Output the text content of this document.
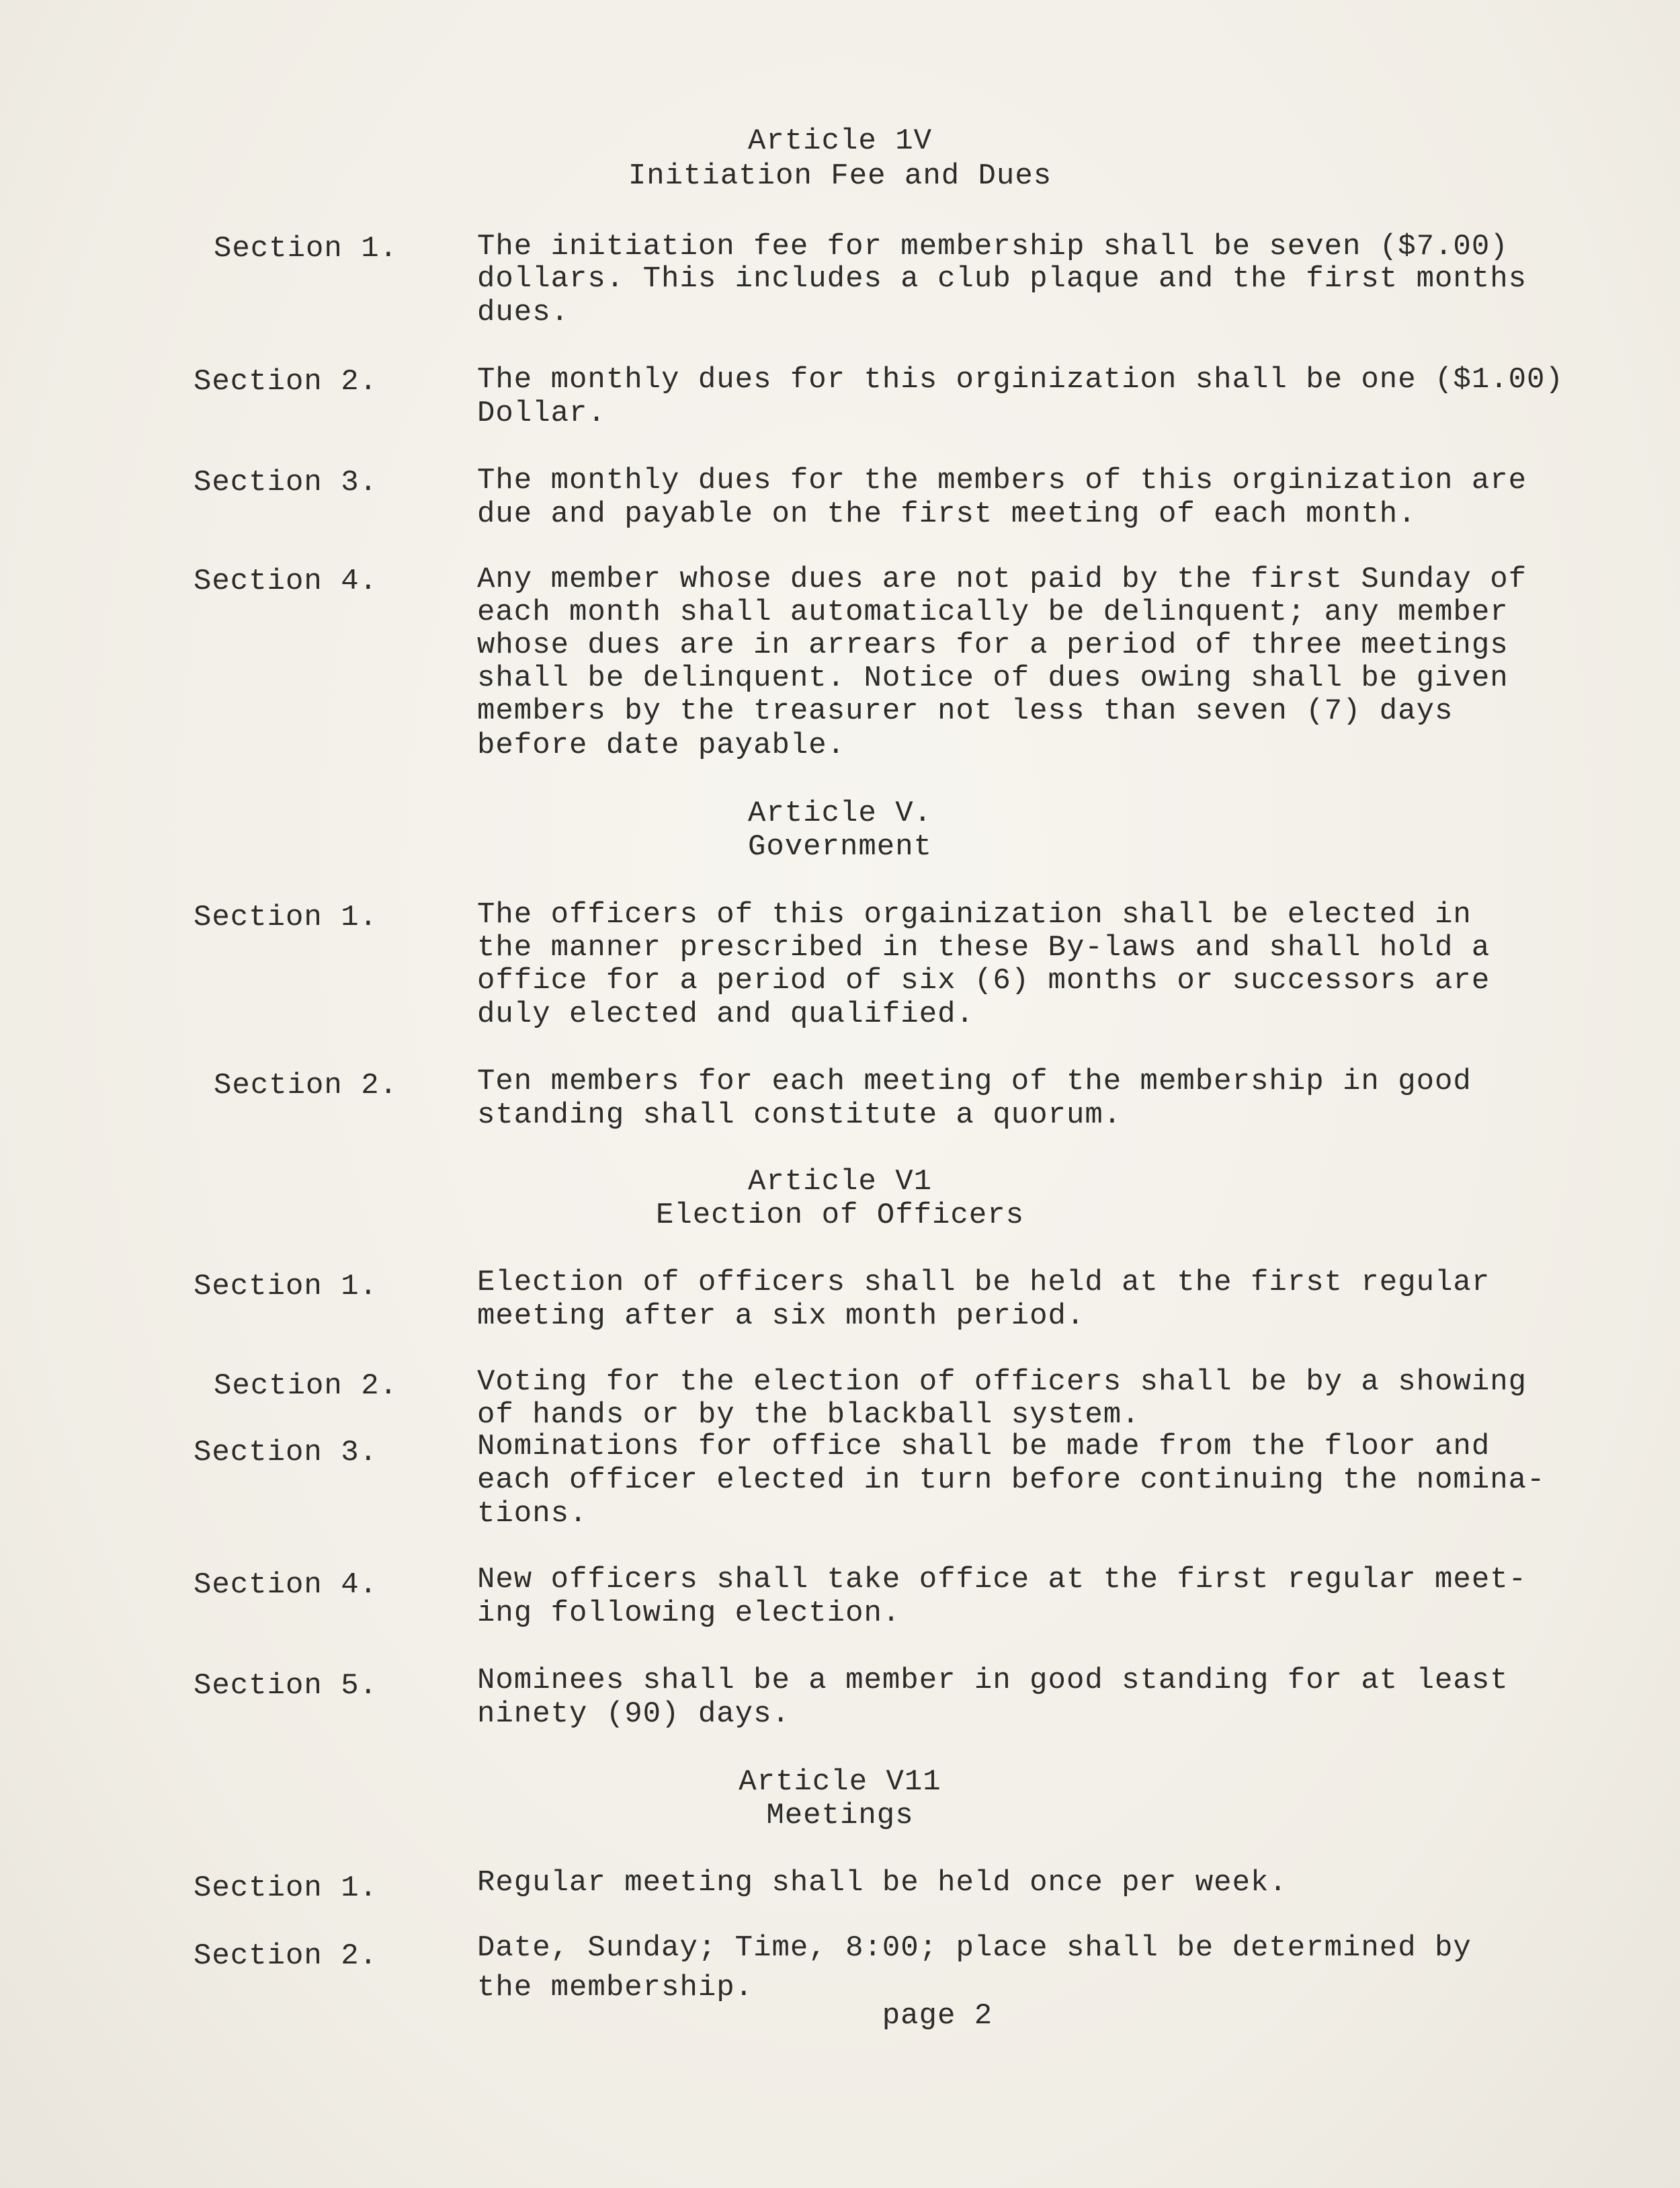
Article 1V
Initiation Fee and Dues
Section 1.	The initiation fee for membership shall be seven ($7.00)
dollars. This includes a club plaque and the first months
dues.
Section 2.	The monthly dues for this orginization shall be one ($1.00)
Dollar.
Section 3.	The monthly dues for the members of this orginization are
due and payable on the first meeting of each month.
Section 4.	Any member whose dues are not paid by the first Sunday of
each month shall automatically be delinquent; any member
whose dues are in arrears for a period of three meetings
shall be delinquent. Notice of dues owing shall be given
members by the treasurer not less than seven (7) days
before date payable.
Article V.
Government
Section 1.	The officers of this orgainization shall be elected in
the manner prescribed in these By-laws and shall hold a
office for a period of six (6) months or successors are
duly elected and qualified.
Section 2.	Ten members for each meeting of the membership in good
standing shall constitute a quorum.
Article V1
Election of Officers
Section 1.	Election of officers shall be held at the first regular
meeting after a six month period.
Section 2.	Voting for the election of officers shall be by a showing
of hands or by the blackball system.
Section 3.	Nominations for office shall be made from the floor and
each officer elected in turn before continuing the nomina-
tions.
Section 4.	New officers shall take office at the first regular meet-
ing following election.
Section 5.	Nominees shall be a member in good standing for at least
ninety (90) days.
Article V11
Meetings
Section 1.	Regular meeting shall be held once per week.
Section 2.	Date, Sunday; Time, 8:00; place shall be determined by
the membership.
page 2
